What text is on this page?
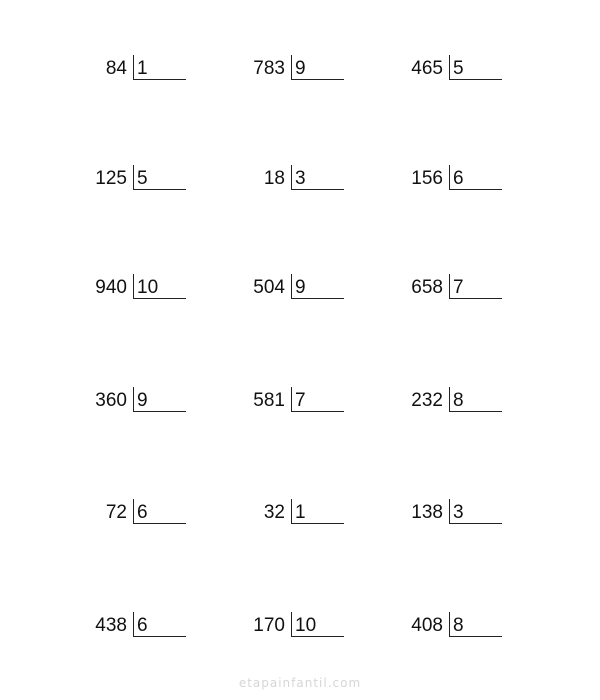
84 1	783 9	465 5
125 5	18 3	156 6
940 10	504 9	658 7
360 9	581 7	232 8
72 6	32 1	138 3
438 6	170 10	408 8
etapainfantil.com
